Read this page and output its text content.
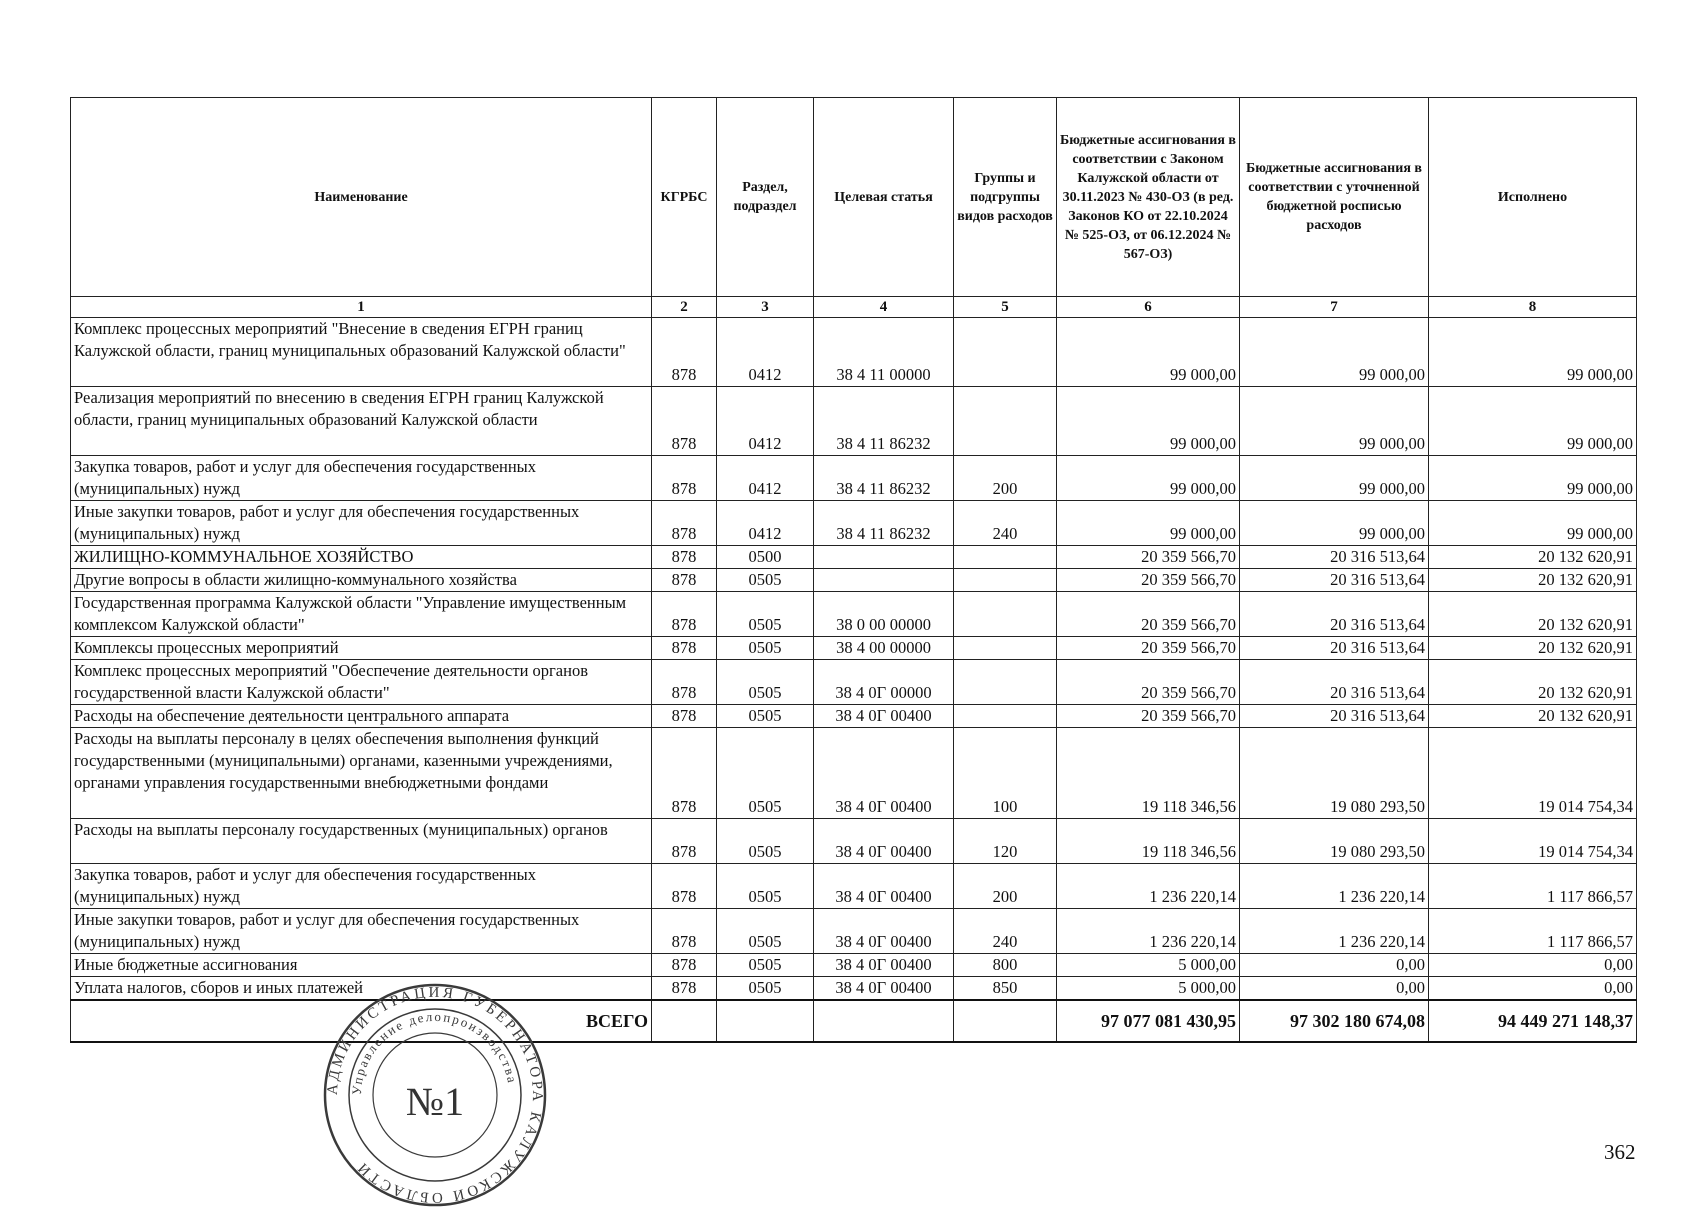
Наименование	КГРБС	Раздел, подраздел	Целевая статья	Группы и подгруппы видов расходов	Бюджетные ассигнования в соответствии с Законом Калужской области от 30.11.2023 № 430-ОЗ (в ред. Законов КО от 22.10.2024 № 525-ОЗ, от 06.12.2024 № 567-ОЗ)	Бюджетные ассигнования в соответствии с уточненной бюджетной росписью расходов	Исполнено
1	2	3	4	5	6	7	8
Комплекс процессных мероприятий "Внесение в сведения ЕГРН границ Калужской области, границ муниципальных образований Калужской области"	878	0412	38 4 11 00000		99 000,00	99 000,00	99 000,00
Реализация мероприятий по внесению в сведения ЕГРН границ Калужской области, границ муниципальных образований Калужской области	878	0412	38 4 11 86232		99 000,00	99 000,00	99 000,00
Закупка товаров, работ и услуг для обеспечения государственных (муниципальных) нужд	878	0412	38 4 11 86232	200	99 000,00	99 000,00	99 000,00
Иные закупки товаров, работ и услуг для обеспечения государственных (муниципальных) нужд	878	0412	38 4 11 86232	240	99 000,00	99 000,00	99 000,00
ЖИЛИЩНО-КОММУНАЛЬНОЕ ХОЗЯЙСТВО	878	0500			20 359 566,70	20 316 513,64	20 132 620,91
Другие вопросы в области жилищно-коммунального хозяйства	878	0505			20 359 566,70	20 316 513,64	20 132 620,91
Государственная программа Калужской области "Управление имущественным комплексом Калужской области"	878	0505	38 0 00 00000		20 359 566,70	20 316 513,64	20 132 620,91
Комплексы процессных мероприятий	878	0505	38 4 00 00000		20 359 566,70	20 316 513,64	20 132 620,91
Комплекс процессных мероприятий "Обеспечение деятельности органов государственной власти Калужской области"	878	0505	38 4 0Г 00000		20 359 566,70	20 316 513,64	20 132 620,91
Расходы на обеспечение деятельности центрального аппарата	878	0505	38 4 0Г 00400		20 359 566,70	20 316 513,64	20 132 620,91
Расходы на выплаты персоналу в целях обеспечения выполнения функций государственными (муниципальными) органами, казенными учреждениями, органами управления государственными внебюджетными фондами	878	0505	38 4 0Г 00400	100	19 118 346,56	19 080 293,50	19 014 754,34
Расходы на выплаты персоналу государственных (муниципальных) органов	878	0505	38 4 0Г 00400	120	19 118 346,56	19 080 293,50	19 014 754,34
Закупка товаров, работ и услуг для обеспечения государственных (муниципальных) нужд	878	0505	38 4 0Г 00400	200	1 236 220,14	1 236 220,14	1 117 866,57
Иные закупки товаров, работ и услуг для обеспечения государственных (муниципальных) нужд	878	0505	38 4 0Г 00400	240	1 236 220,14	1 236 220,14	1 117 866,57
Иные бюджетные ассигнования	878	0505	38 4 0Г 00400	800	5 000,00	0,00	0,00
Уплата налогов, сборов и иных платежей	878	0505	38 4 0Г 00400	850	5 000,00	0,00	0,00
ВСЕГО					97 077 081 430,95	97 302 180 674,08	94 449 271 148,37
АДМИНИСТРАЦИЯ ГУБЕРНАТОРА КАЛУЖСКОЙ ОБЛАСТИ
Управление делопроизводства
№1
362
